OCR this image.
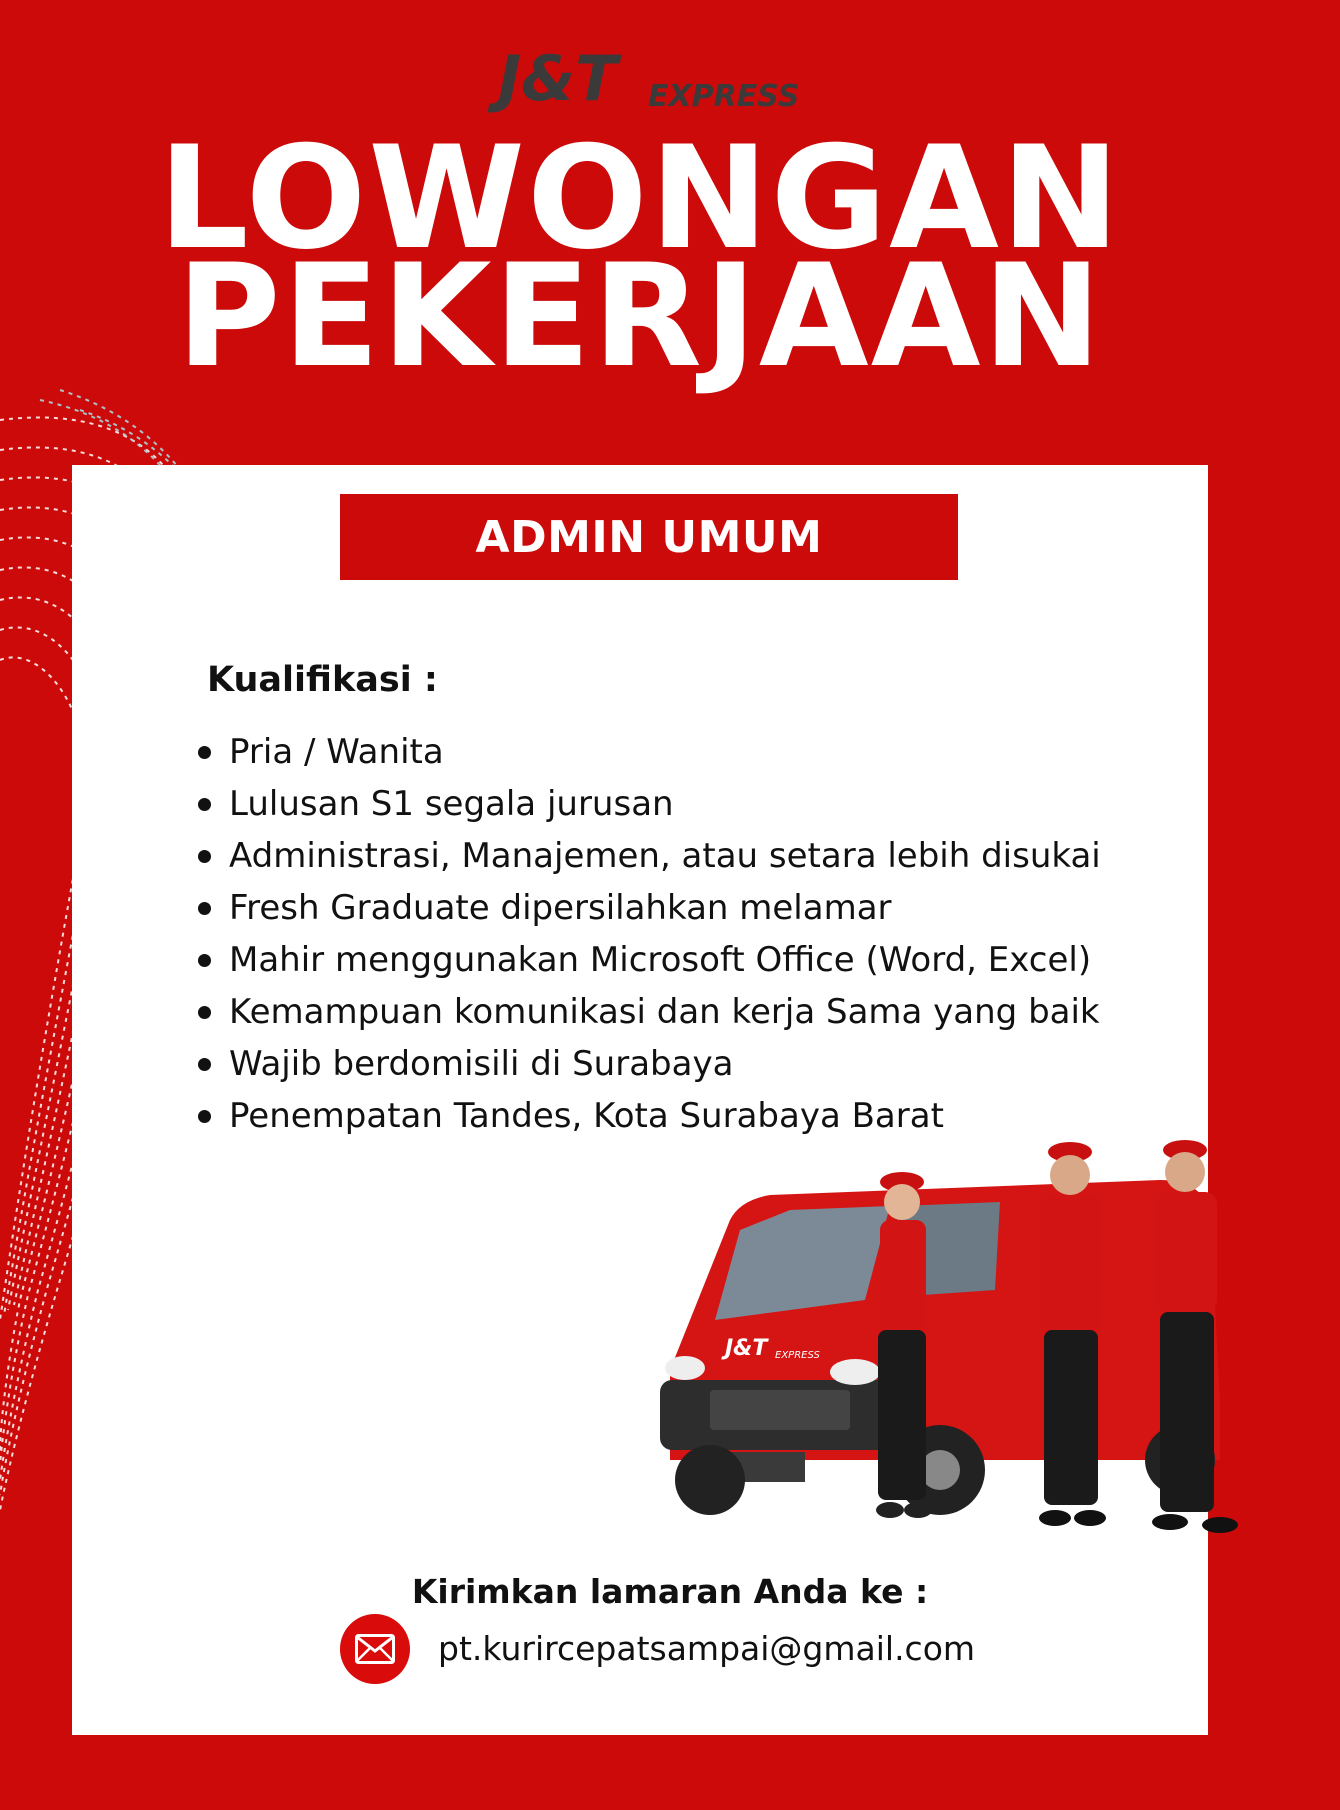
J&T EXPRESS
LOWONGAN
PEKERJAAN
ADMIN UMUM
Kualifikasi :
Pria / Wanita
Lulusan S1 segala jurusan
Administrasi, Manajemen, atau setara lebih disukai
Fresh Graduate dipersilahkan melamar
Mahir menggunakan Microsoft Office (Word, Excel)
Kemampuan komunikasi dan kerja Sama yang baik
Wajib berdomisili di Surabaya
Penempatan Tandes, Kota Surabaya Barat
J&T EXPRESS
Kirimkan lamaran Anda ke :
pt.kurircepatsampai@gmail.com
